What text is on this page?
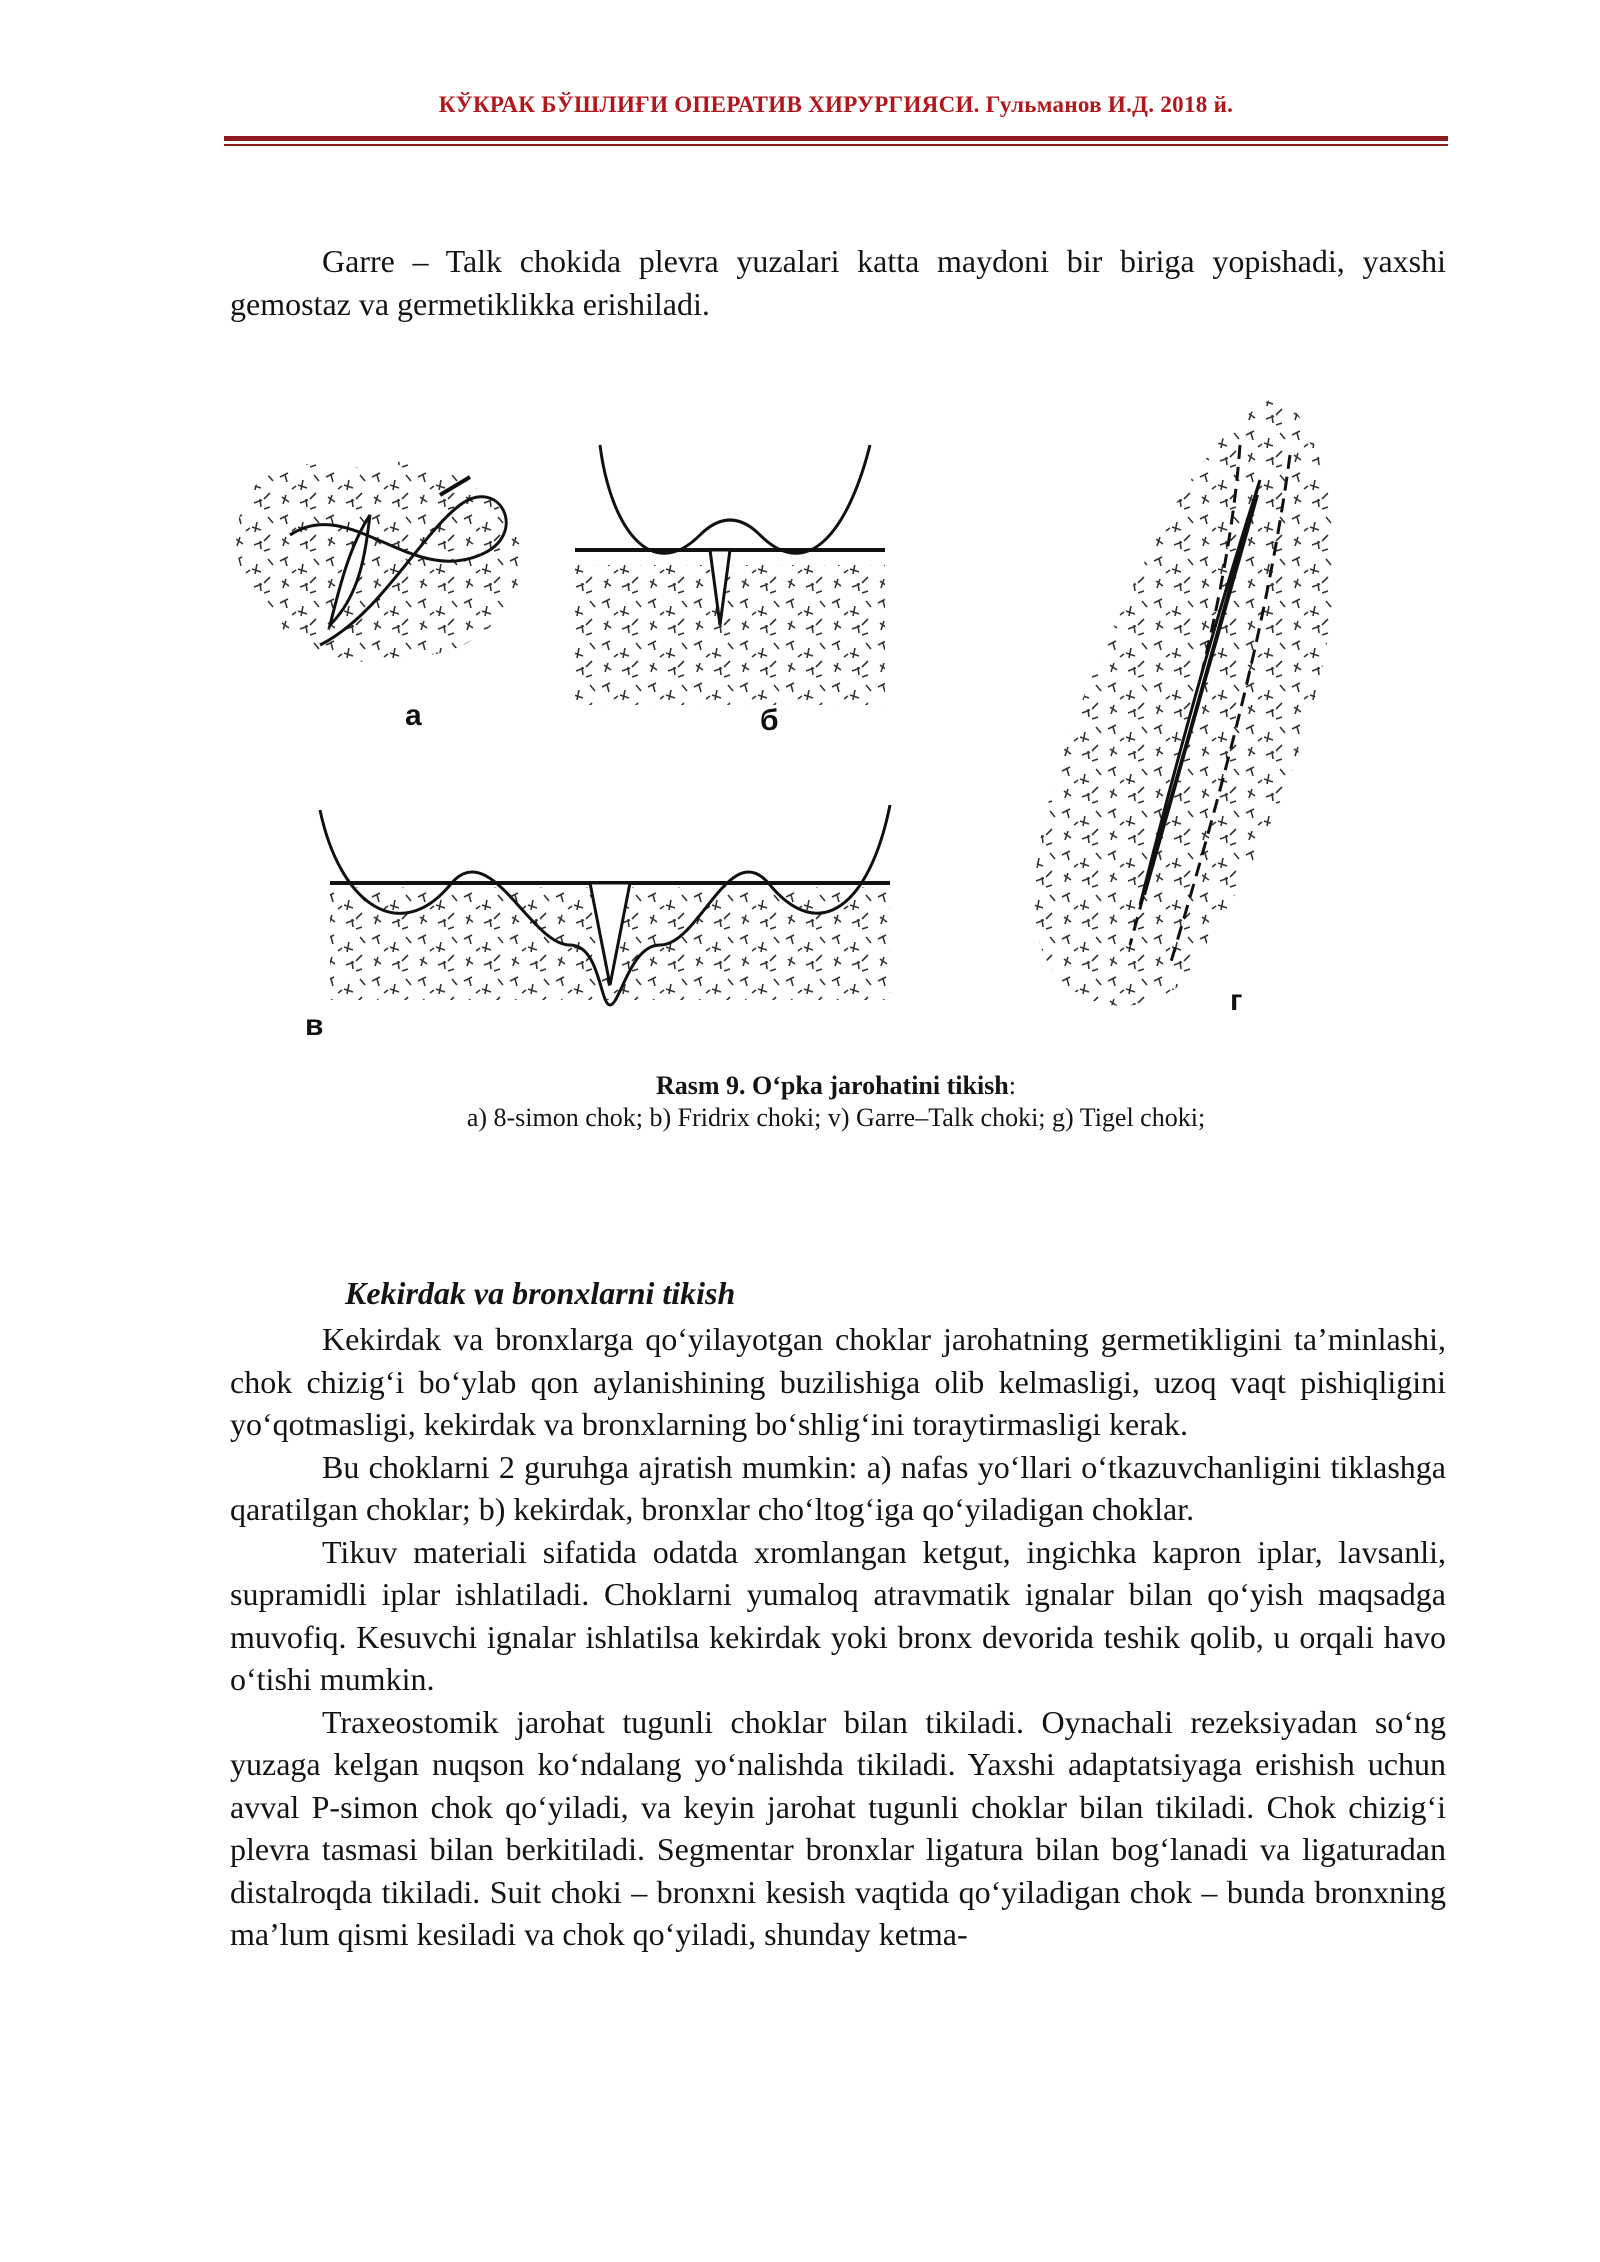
КЎКРАК БЎШЛИҒИ ОПЕРАТИВ ХИРУРГИЯСИ. Гульманов И.Д. 2018 й.

Garre – Talk chokida plevra yuzalari katta maydoni bir biriga yopishadi, yaxshi gemostaz va germetiklikka erishiladi.

а	б
в
г
Rasm 9. O‘pka jarohatini tikish:
a) 8-simon chok; b) Fridrix choki; v) Garre–Talk choki; g) Tigel choki;
Kekirdak va bronxlarni tikish

Kekirdak va bronxlarga qo‘yilayotgan choklar jarohatning germetikligini ta’minlashi, chok chizig‘i bo‘ylab qon aylanishining buzilishiga olib kelmasligi, uzoq vaqt pishiqligini yo‘qotmasligi, kekirdak va bronxlarning bo‘shlig‘ini toraytirmasligi kerak.

Bu choklarni 2 guruhga ajratish mumkin: a) nafas yo‘llari o‘tkazuvchanligini tiklashga qaratilgan choklar; b) kekirdak, bronxlar cho‘ltog‘iga qo‘yiladigan choklar.

Tikuv materiali sifatida odatda xromlangan ketgut, ingichka kapron iplar, lavsanli, supramidli iplar ishlatiladi. Choklarni yumaloq atravmatik ignalar bilan qo‘yish maqsadga muvofiq. Kesuvchi ignalar ishlatilsa kekirdak yoki bronx devorida teshik qolib, u orqali havo o‘tishi mumkin.

Traxeostomik jarohat tugunli choklar bilan tikiladi. Oynachali rezeksiyadan so‘ng yuzaga kelgan nuqson ko‘ndalang yo‘nalishda tikiladi. Yaxshi adaptatsiyaga erishish uchun avval P-simon chok qo‘yiladi, va keyin jarohat tugunli choklar bilan tikiladi. Chok chizig‘i plevra tasmasi bilan berkitiladi. Segmentar bronxlar ligatura bilan bog‘lanadi va ligaturadan distalroqda tikiladi. Suit choki – bronxni kesish vaqtida qo‘yiladigan chok – bunda bronxning ma’lum qismi kesiladi va chok qo‘yiladi, shunday ketma-
